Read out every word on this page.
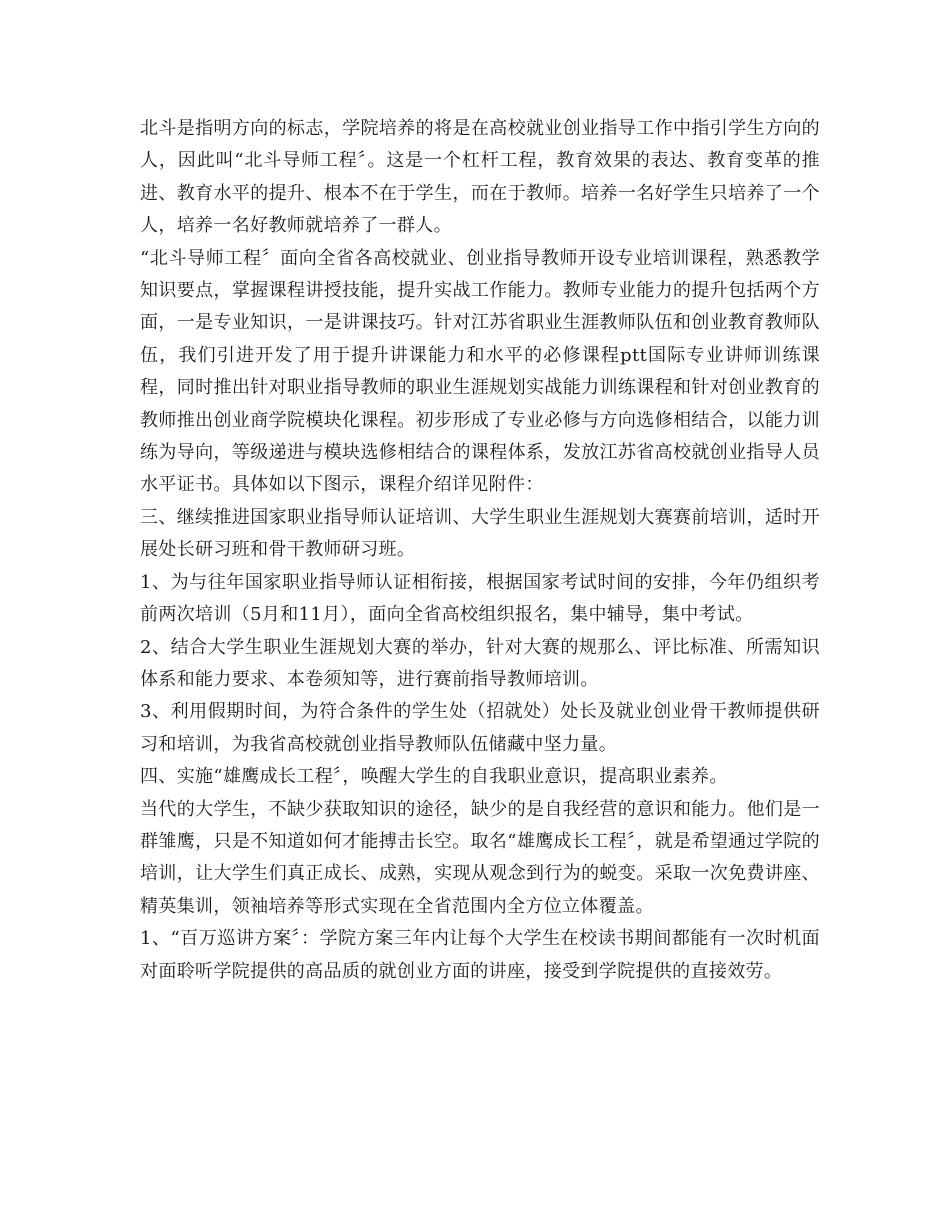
北斗是指明方向的标志，学院培养的将是在高校就业创业指导工作中指引学生方向的人，因此叫“北斗导师工程〞。这是一个杠杆工程，教育效果的表达、教育变革的推进、教育水平的提升、根本不在于学生，而在于教师。培养一名好学生只培养了一个人，培养一名好教师就培养了一群人。

“北斗导师工程〞面向全省各高校就业、创业指导教师开设专业培训课程，熟悉教学知识要点，掌握课程讲授技能，提升实战工作能力。教师专业能力的提升包括两个方面，一是专业知识，一是讲课技巧。针对江苏省职业生涯教师队伍和创业教育教师队伍，我们引进开发了用于提升讲课能力和水平的必修课程ptt国际专业讲师训练课程，同时推出针对职业指导教师的职业生涯规划实战能力训练课程和针对创业教育的教师推出创业商学院模块化课程。初步形成了专业必修与方向选修相结合，以能力训练为导向，等级递进与模块选修相结合的课程体系，发放江苏省高校就创业指导人员水平证书。具体如以下图示，课程介绍详见附件：

三、继续推进国家职业指导师认证培训、大学生职业生涯规划大赛赛前培训，适时开展处长研习班和骨干教师研习班。

1、为与往年国家职业指导师认证相衔接，根据国家考试时间的安排，今年仍组织考前两次培训（5月和11月），面向全省高校组织报名，集中辅导，集中考试。

2、结合大学生职业生涯规划大赛的举办，针对大赛的规那么、评比标准、所需知识体系和能力要求、本卷须知等，进行赛前指导教师培训。

3、利用假期时间，为符合条件的学生处（招就处）处长及就业创业骨干教师提供研习和培训，为我省高校就创业指导教师队伍储藏中坚力量。

四、实施“雄鹰成长工程〞，唤醒大学生的自我职业意识，提高职业素养。

当代的大学生，不缺少获取知识的途径，缺少的是自我经营的意识和能力。他们是一群雏鹰，只是不知道如何才能搏击长空。取名“雄鹰成长工程〞，就是希望通过学院的培训，让大学生们真正成长、成熟，实现从观念到行为的蜕变。采取一次免费讲座、精英集训，领袖培养等形式实现在全省范围内全方位立体覆盖。

1、“百万巡讲方案〞：学院方案三年内让每个大学生在校读书期间都能有一次时机面对面聆听学院提供的高品质的就创业方面的讲座，接受到学院提供的直接效劳。
